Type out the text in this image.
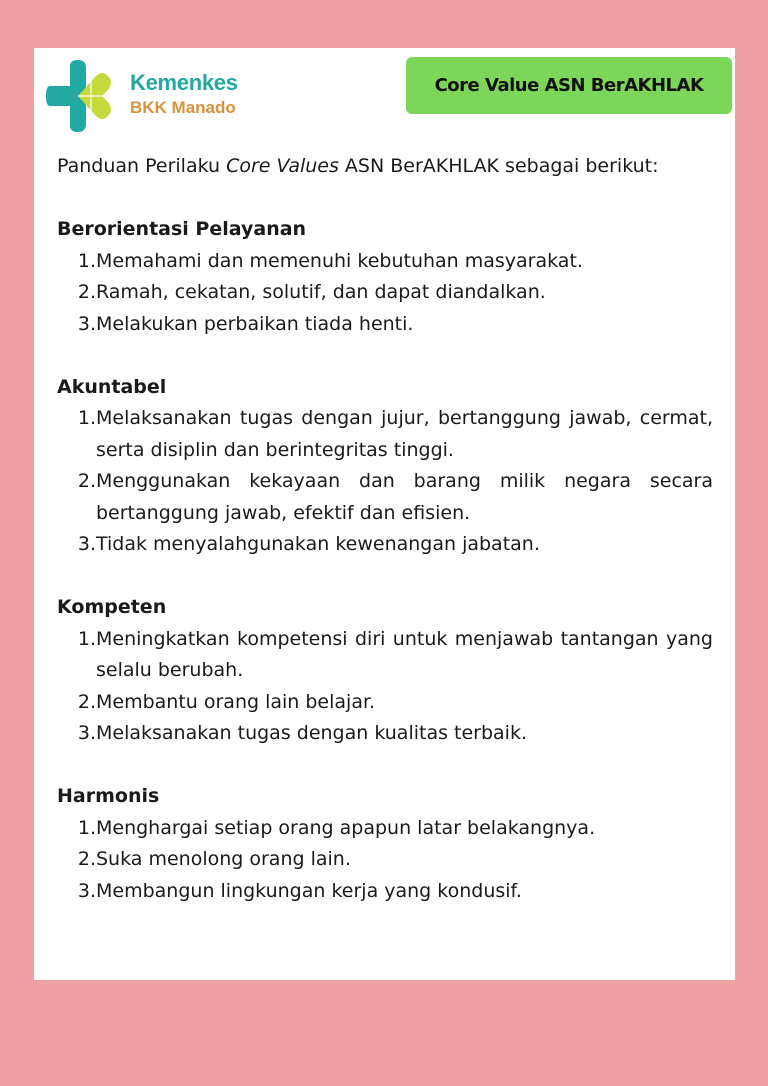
Kemenkes
BKK Manado
Core Value ASN BerAKHLAK

Panduan Perilaku Core Values ASN BerAKHLAK sebagai berikut:

Berorientasi Pelayanan

1. Memahami dan memenuhi kebutuhan masyarakat.
2. Ramah, cekatan, solutif, dan dapat diandalkan.
3. Melakukan perbaikan tiada henti.

Akuntabel

1. Melaksanakan tugas dengan jujur, bertanggung jawab, cermat, serta disiplin dan berintegritas tinggi.
2. Menggunakan kekayaan dan barang milik negara secara bertanggung jawab, efektif dan efisien.
3. Tidak menyalahgunakan kewenangan jabatan.

Kompeten

1. Meningkatkan kompetensi diri untuk menjawab tantangan yang selalu berubah.
2. Membantu orang lain belajar.
3. Melaksanakan tugas dengan kualitas terbaik.

Harmonis

1. Menghargai setiap orang apapun latar belakangnya.
2. Suka menolong orang lain.
3. Membangun lingkungan kerja yang kondusif.
